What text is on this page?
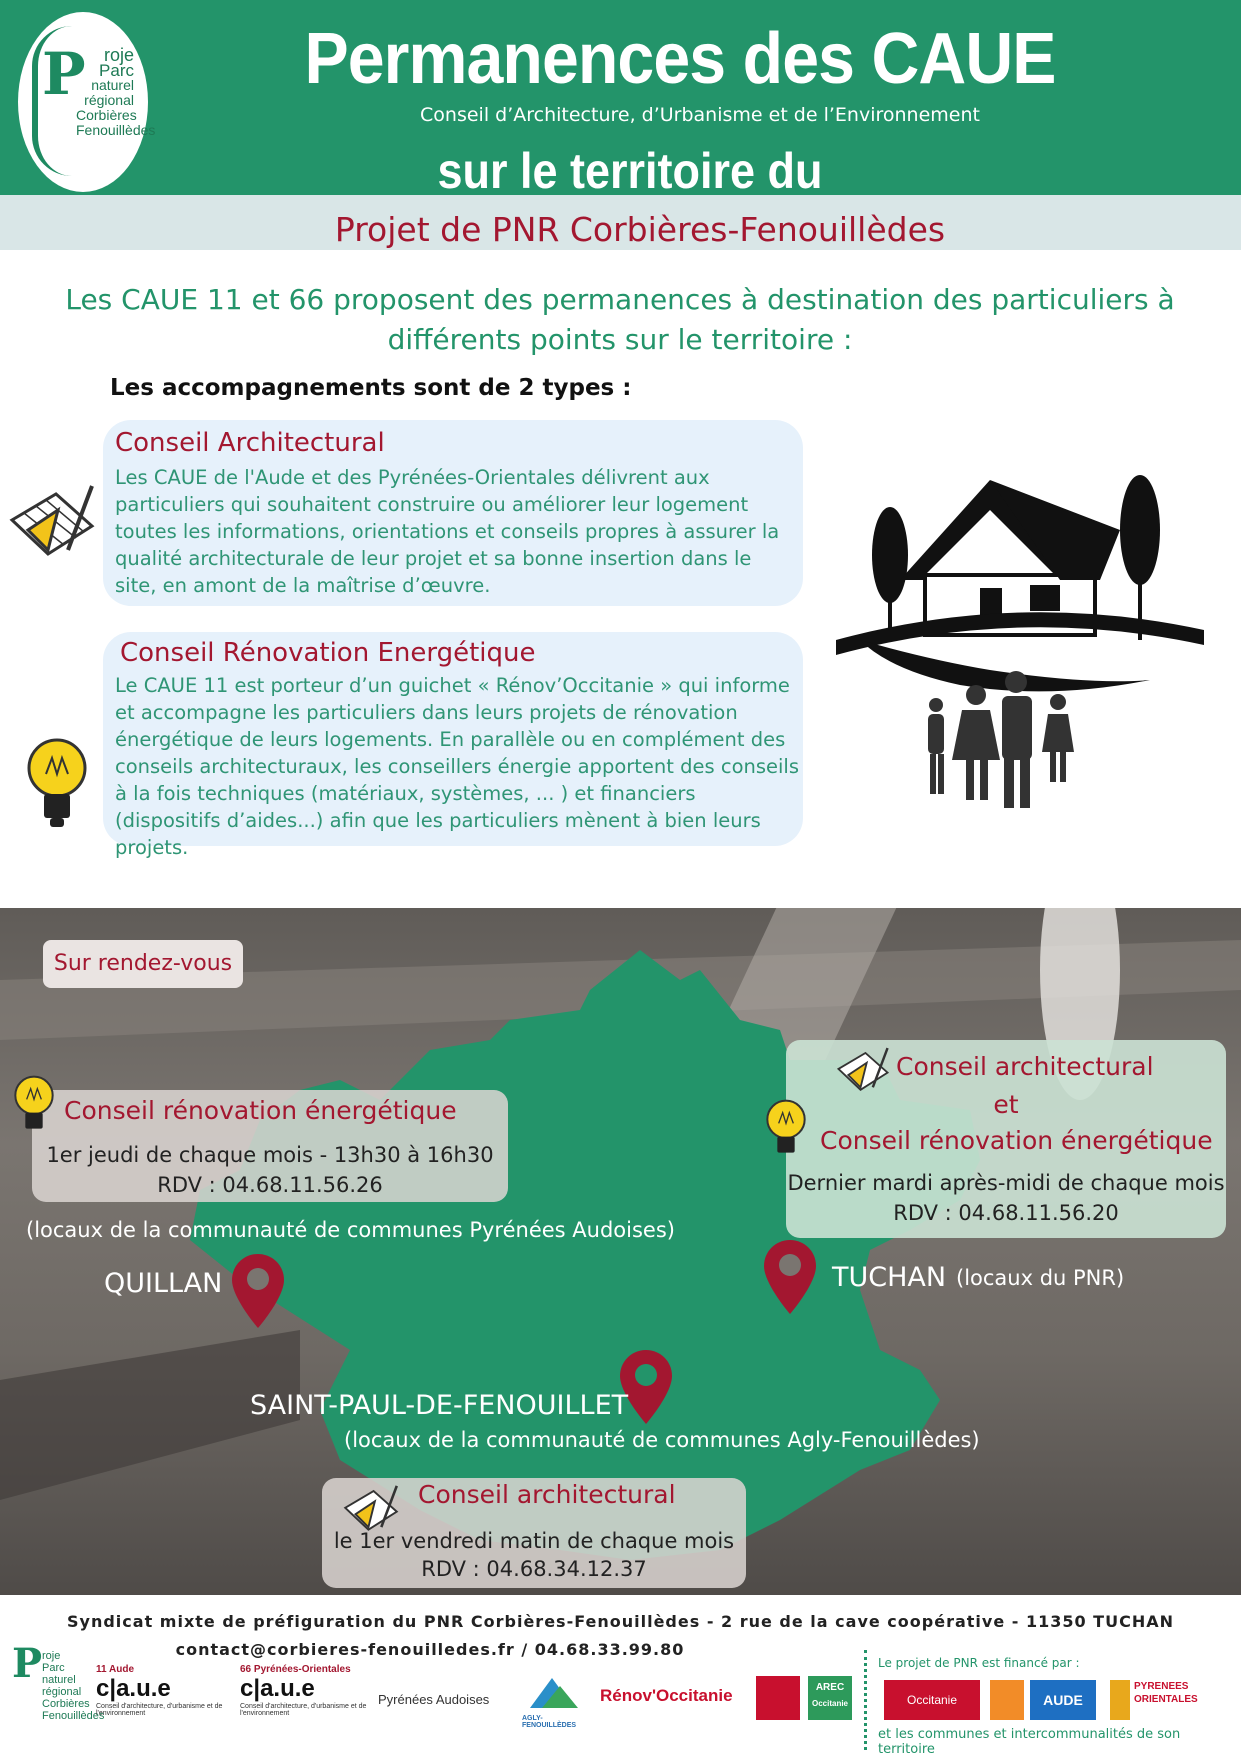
P	roje
Parc
naturel
régional
Corbières
Fenouillèdes
Permanences des CAUE
Conseil d’Architecture, d’Urbanisme et de l’Environnement
sur le territoire du
Projet de PNR Corbières-Fenouillèdes
Les CAUE 11 et 66 proposent des permanences à destination des particuliers à différents points sur le territoire :
Les accompagnements sont de 2 types :
Conseil Architectural
Les CAUE de l'Aude et des Pyrénées-Orientales délivrent aux particuliers qui souhaitent construire ou améliorer leur logement toutes les informations, orientations et conseils propres à assurer la qualité architecturale de leur projet et sa bonne insertion dans le site, en amont de la maîtrise d’œuvre.
Conseil Rénovation Energétique
Le CAUE 11 est porteur d’un guichet « Rénov’Occitanie » qui informe et accompagne les particuliers dans leurs projets de rénovation énergétique de leurs logements. En parallèle ou en complément des conseils architecturaux, les conseillers énergie apportent des conseils à la fois techniques (matériaux, systèmes, ... ) et financiers (dispositifs d’aides...) afin que les particuliers mènent à bien leurs projets.
Sur rendez-vous
Conseil rénovation énergétique
1er jeudi de chaque mois - 13h30 à 16h30
RDV : 04.68.11.56.26
(locaux de la communauté de communes Pyrénées Audoises)
QUILLAN
Conseil architectural
et
Conseil rénovation énergétique
Dernier mardi après-midi de chaque mois
RDV : 04.68.11.56.20
TUCHAN (locaux du PNR)
SAINT-PAUL-DE-FENOUILLET
(locaux de la communauté de communes Agly-Fenouillèdes)
Conseil architectural
le 1er vendredi matin de chaque mois
RDV : 04.68.34.12.37
Syndicat mixte de préfiguration du PNR Corbières-Fenouillèdes - 2 rue de la cave coopérative - 11350 TUCHAN
contact@corbieres-fenouilledes.fr / 04.68.33.99.80
P roje
Parc
naturel
régional
Corbières
Fenouillèdes
11 Aude
c|a.u.e
Conseil d'architecture, d'urbanisme et de l'environnement
66 Pyrénées-Orientales
c|a.u.e
Conseil d'architecture, d'urbanisme et de l'environnement
Pyrénées Audoises
AGLY-FENOUILLÈDES
Rénov'Occitanie	AREC
Occitanie
Le projet de PNR est financé par :
Occitanie	AUDE
PYRENEES ORIENTALES
et les communes et intercommunalités de son territoire
